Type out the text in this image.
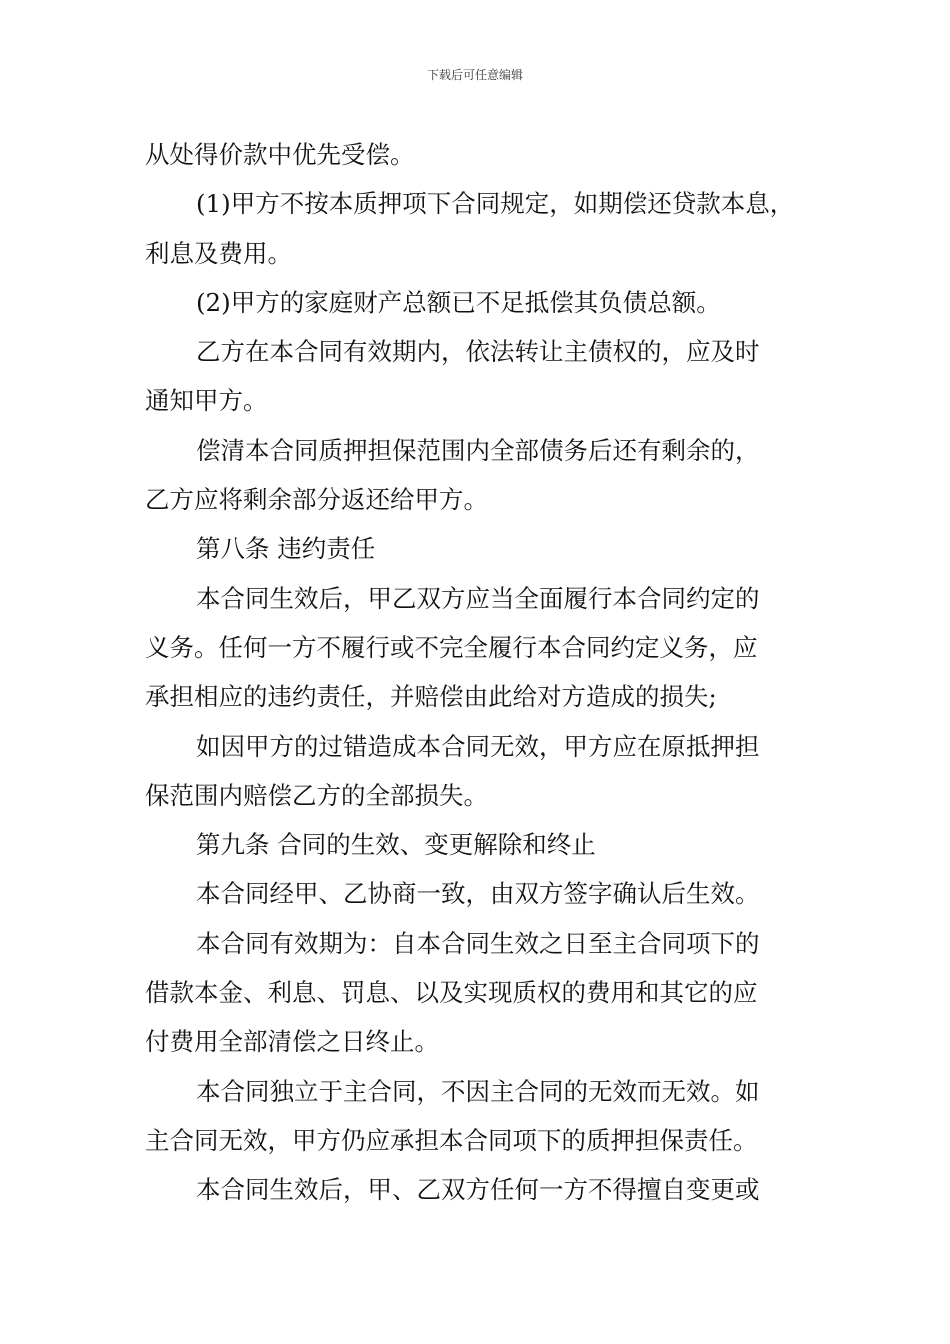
下载后可任意编辑
从处得价款中优先受偿。
(1)甲方不按本质押项下合同规定，如期偿还贷款本息，
利息及费用。
(2)甲方的家庭财产总额已不足抵偿其负债总额。
乙方在本合同有效期内，依法转让主债权的，应及时
通知甲方。
偿清本合同质押担保范围内全部债务后还有剩余的，
乙方应将剩余部分返还给甲方。
第八条 违约责任
本合同生效后，甲乙双方应当全面履行本合同约定的
义务。任何一方不履行或不完全履行本合同约定义务，应
承担相应的违约责任，并赔偿由此给对方造成的损失;
如因甲方的过错造成本合同无效，甲方应在原抵押担
保范围内赔偿乙方的全部损失。
第九条 合同的生效、变更解除和终止
本合同经甲、乙协商一致，由双方签字确认后生效。
本合同有效期为：自本合同生效之日至主合同项下的
借款本金、利息、罚息、以及实现质权的费用和其它的应
付费用全部清偿之日终止。
本合同独立于主合同，不因主合同的无效而无效。如
主合同无效，甲方仍应承担本合同项下的质押担保责任。
本合同生效后，甲、乙双方任何一方不得擅自变更或
